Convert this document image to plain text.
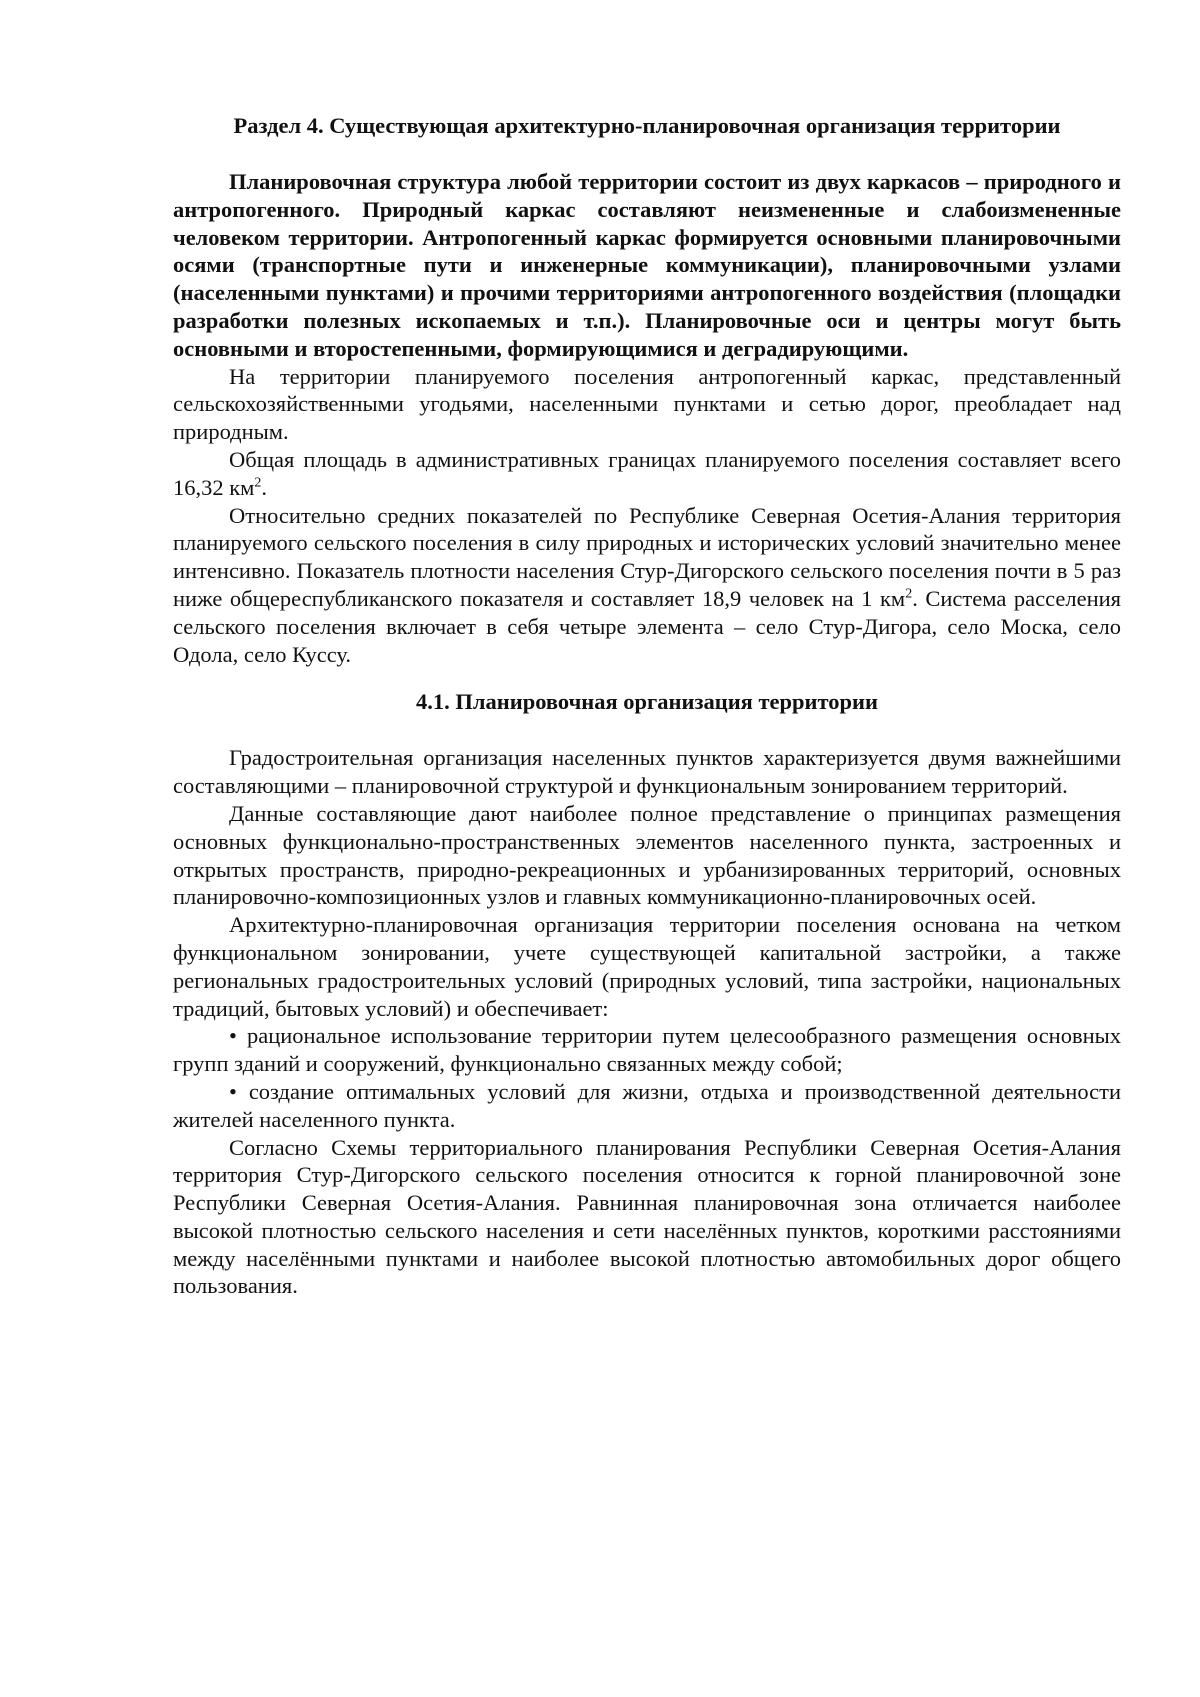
Раздел 4. Существующая архитектурно-планировочная организация территории

Планировочная структура любой территории состоит из двух каркасов – природного и антропогенного. Природный каркас составляют неизмененные и слабоизмененные человеком территории. Антропогенный каркас формируется основными планировочными осями (транспортные пути и инженерные коммуникации), планировочными узлами (населенными пунктами) и прочими территориями антропогенного воздействия (площадки разработки полезных ископаемых и т.п.). Планировочные оси и центры могут быть основными и второстепенными, формирующимися и деградирующими.

На территории планируемого поселения антропогенный каркас, представленный сельскохозяйственными угодьями, населенными пунктами и сетью дорог, преобладает над природным.

Общая площадь в административных границах планируемого поселения составляет всего 16,32 $км^2$.

Относительно средних показателей по Республике Северная Осетия-Алания территория планируемого сельского поселения в силу природных и исторических условий значительно менее интенсивно. Показатель плотности населения Стур-Дигорского сельского поселения почти в 5 раз ниже общереспубликанского показателя и составляет 18,9 человек на 1 $км^2$. Система расселения сельского поселения включает в себя четыре элемента – село Стур-Дигора, село Моска, село Одола, село Куссу.

4.1. Планировочная организация территории

Градостроительная организация населенных пунктов характеризуется двумя важнейшими составляющими – планировочной структурой и функциональным зонированием территорий.

Данные составляющие дают наиболее полное представление о принципах размещения основных функционально-пространственных элементов населенного пункта, застроенных и открытых пространств, природно-рекреационных и урбанизированных территорий, основных планировочно-композиционных узлов и главных коммуникационно-планировочных осей.

Архитектурно-планировочная организация территории поселения основана на четком функциональном зонировании, учете существующей капитальной застройки, а также региональных градостроительных условий (природных условий, типа застройки, национальных традиций, бытовых условий) и обеспечивает:

• рациональное использование территории путем целесообразного размещения основных групп зданий и сооружений, функционально связанных между собой;

• создание оптимальных условий для жизни, отдыха и производственной деятельности жителей населенного пункта.

Согласно Схемы территориального планирования Республики Северная Осетия-Алания территория Стур-Дигорского сельского поселения относится к горной планировочной зоне Республики Северная Осетия-Алания. Равнинная планировочная зона отличается наиболее высокой плотностью сельского населения и сети населённых пунктов, короткими расстояниями между населёнными пунктами и наиболее высокой плотностью автомобильных дорог общего пользования.
